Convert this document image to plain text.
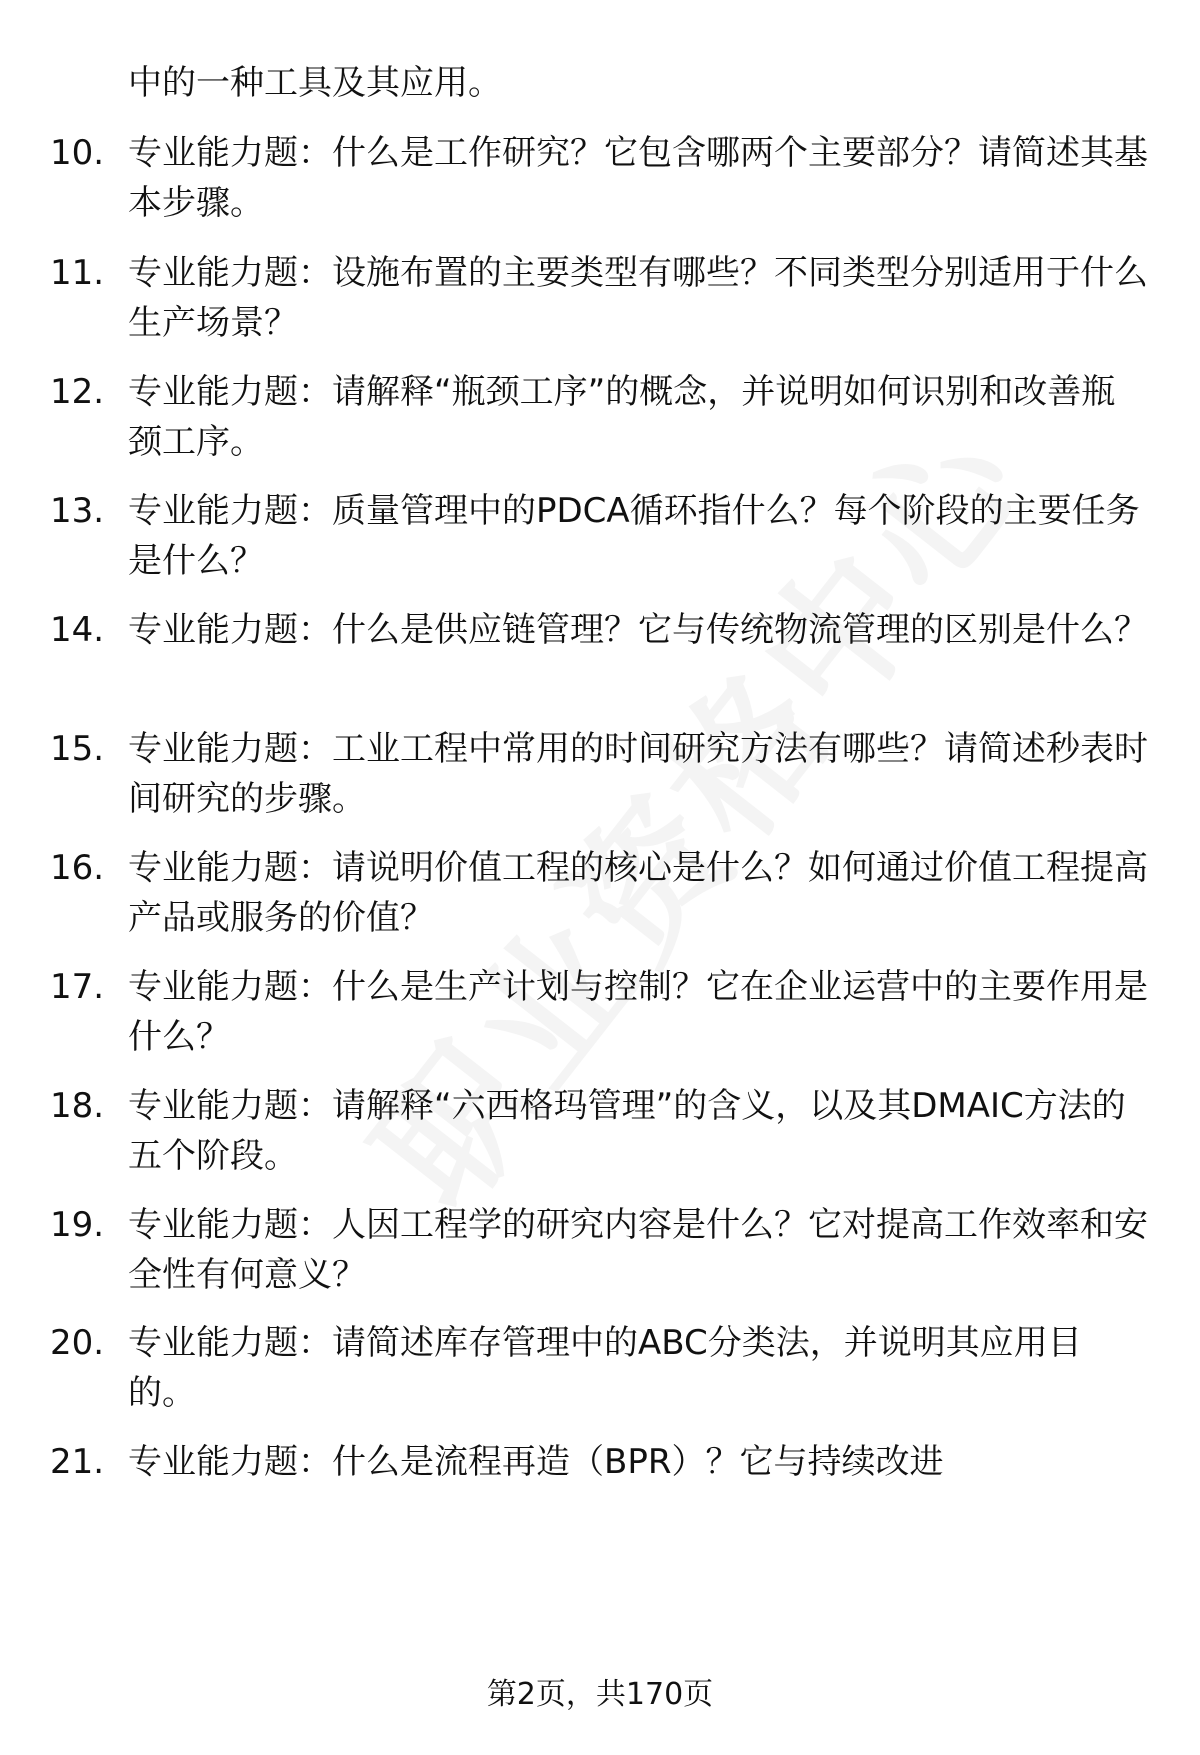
中的一种工具及其应用。
10. 专业能力题：什么是工作研究？它包含哪两个主要部分？请简述其基本步骤。
11. 专业能力题：设施布置的主要类型有哪些？不同类型分别适用于什么生产场景？
12. 专业能力题：请解释“瓶颈工序”的概念，并说明如何识别和改善瓶颈工序。
13. 专业能力题：质量管理中的PDCA循环指什么？每个阶段的主要任务是什么？
14. 专业能力题：什么是供应链管理？它与传统物流管理的区别是什么？
15. 专业能力题：工业工程中常用的时间研究方法有哪些？请简述秒表时间研究的步骤。
16. 专业能力题：请说明价值工程的核心是什么？如何通过价值工程提高产品或服务的价值？
17. 专业能力题：什么是生产计划与控制？它在企业运营中的主要作用是什么？
18. 专业能力题：请解释“六西格玛管理”的含义，以及其DMAIC方法的五个阶段。
19. 专业能力题：人因工程学的研究内容是什么？它对提高工作效率和安全性有何意义？
20. 专业能力题：请简述库存管理中的ABC分类法，并说明其应用目的。
21. 专业能力题：什么是流程再造（BPR）？它与持续改进
第2页，共170页
